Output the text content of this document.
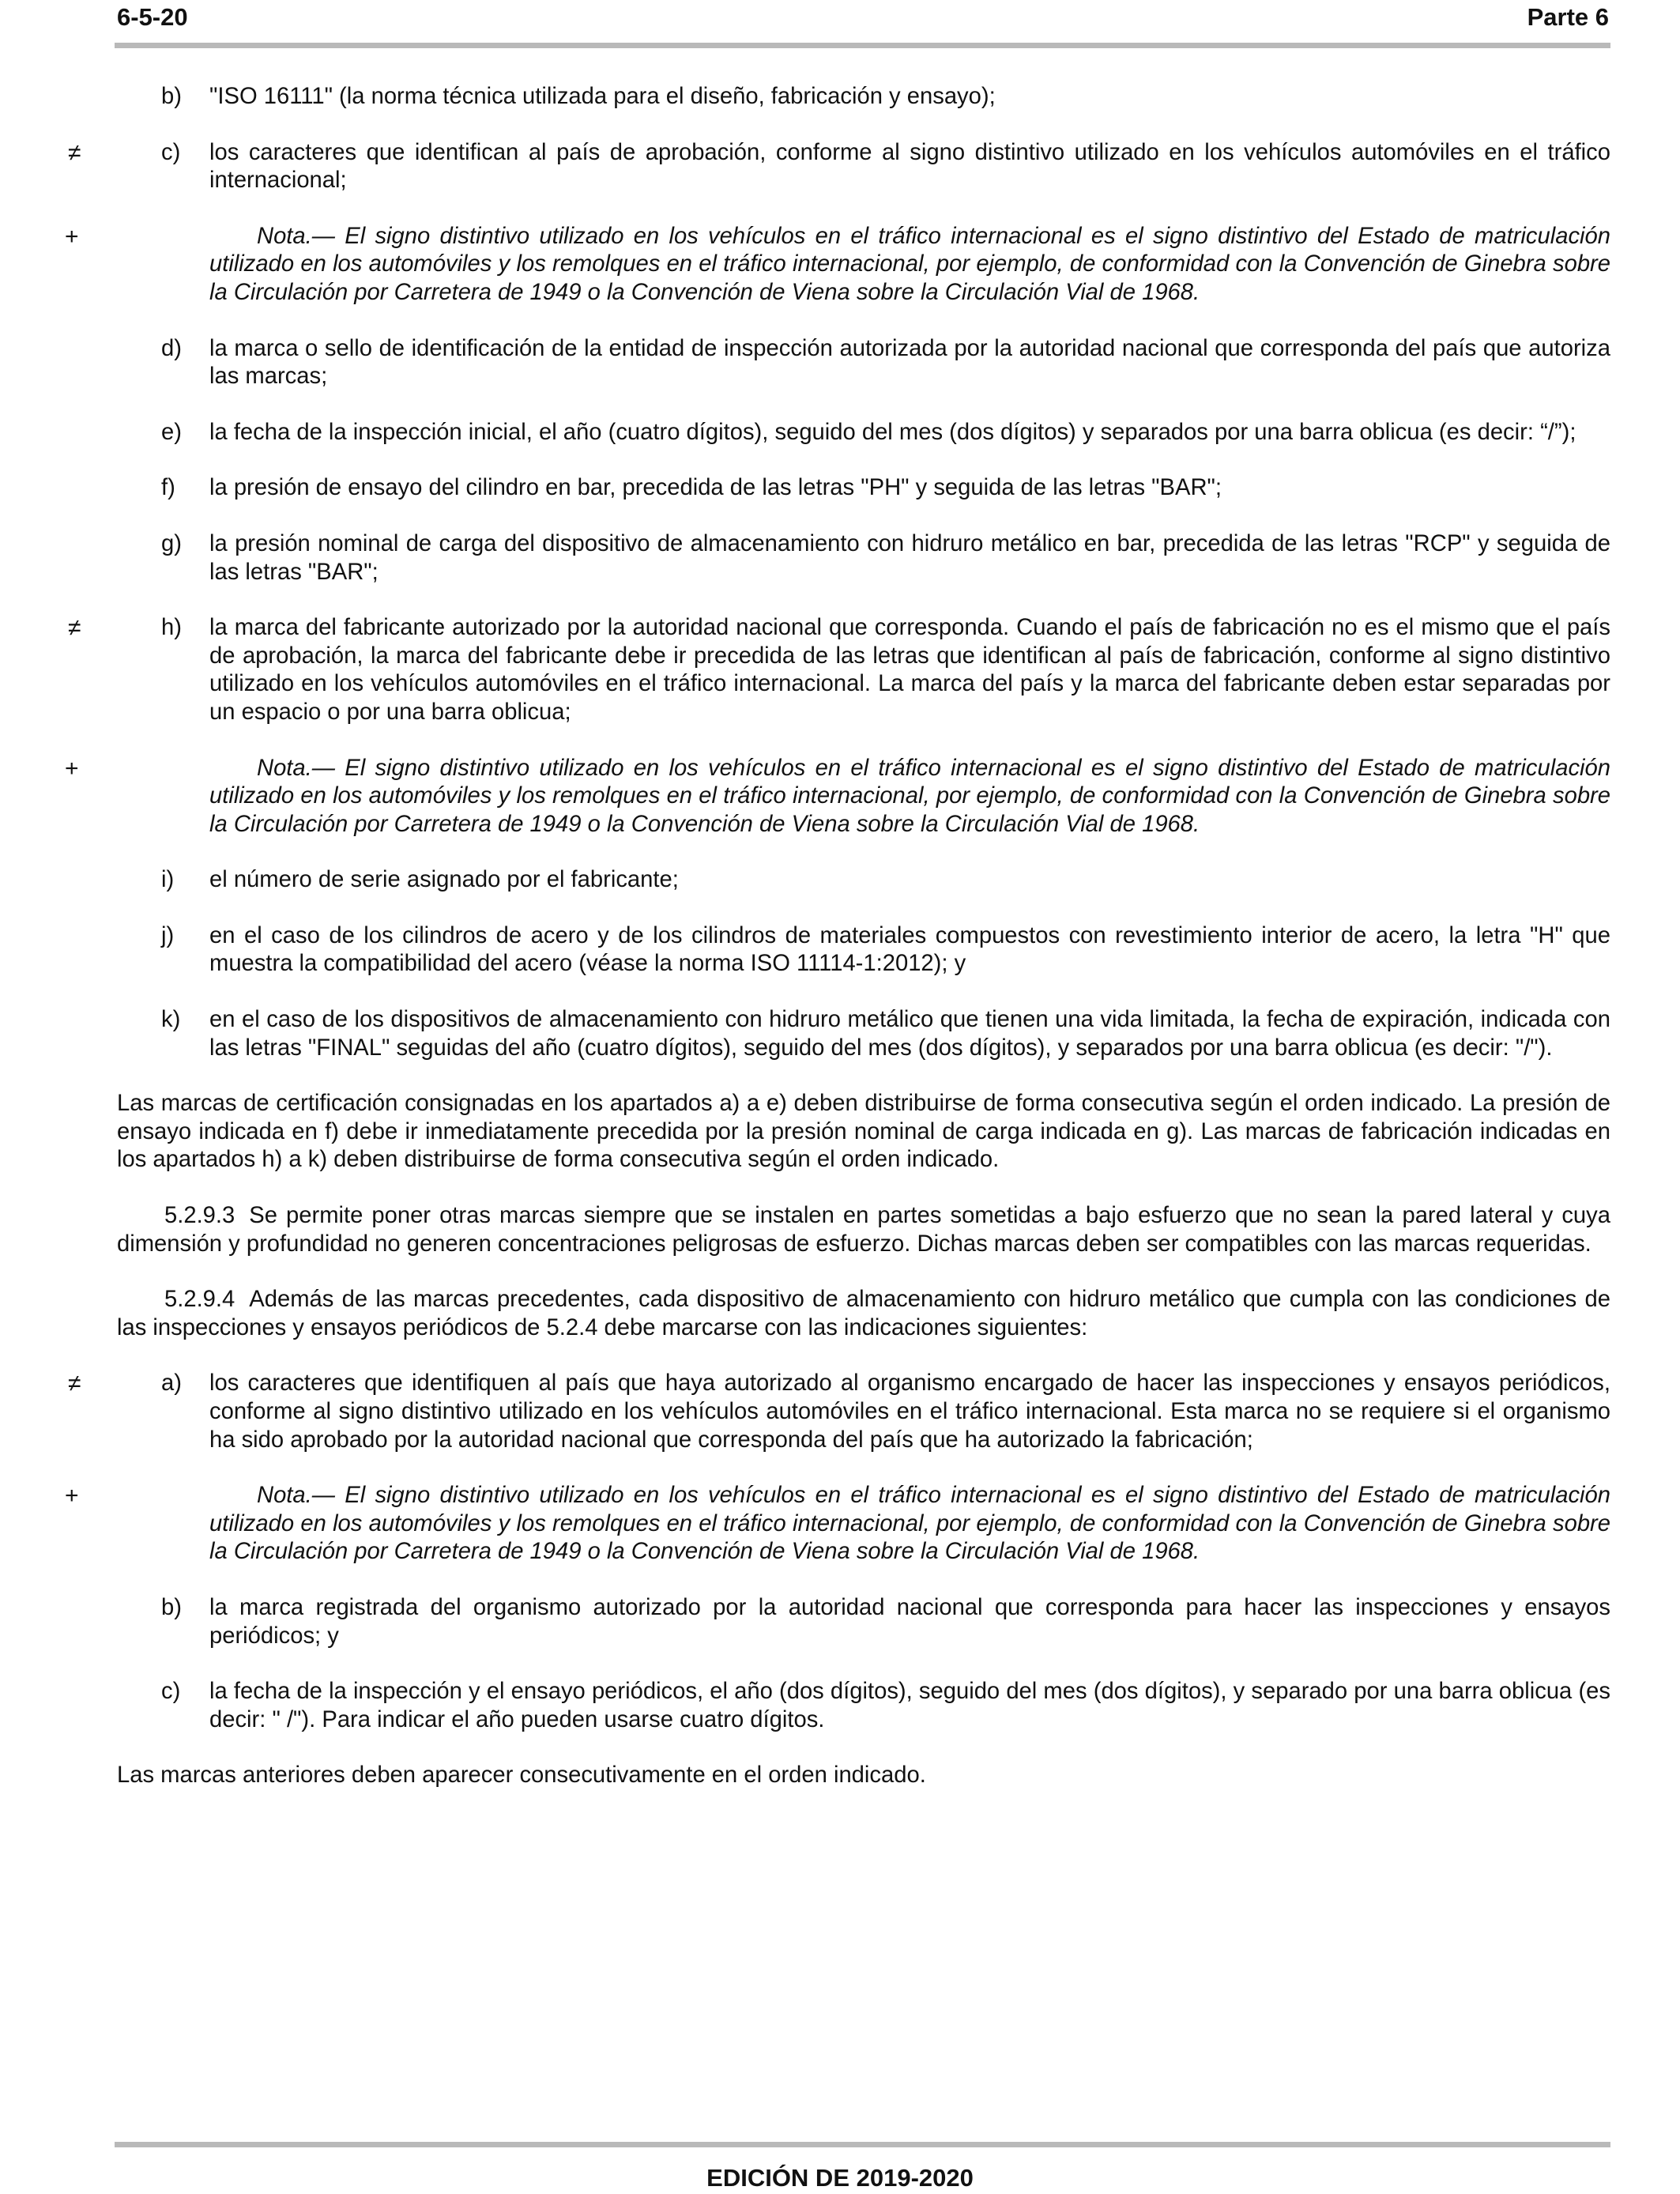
6-5-20	Parte 6
b) "ISO 16111" (la norma técnica utilizada para el diseño, fabricación y ensayo);
≠	c) los caracteres que identifican al país de aprobación, conforme al signo distintivo utilizado en los vehículos automóviles en el tráfico internacional;
+	Nota.— El signo distintivo utilizado en los vehículos en el tráfico internacional es el signo distintivo del Estado de matriculación utilizado en los automóviles y los remolques en el tráfico internacional, por ejemplo, de conformidad con la Convención de Ginebra sobre la Circulación por Carretera de 1949 o la Convención de Viena sobre la Circulación Vial de 1968.
d) la marca o sello de identificación de la entidad de inspección autorizada por la autoridad nacional que corresponda del país que autoriza las marcas;
e) la fecha de la inspección inicial, el año (cuatro dígitos), seguido del mes (dos dígitos) y separados por una barra oblicua (es decir: “/”);
f) la presión de ensayo del cilindro en bar, precedida de las letras "PH" y seguida de las letras "BAR";
g) la presión nominal de carga del dispositivo de almacenamiento con hidruro metálico en bar, precedida de las letras "RCP" y seguida de las letras "BAR";
≠	h) la marca del fabricante autorizado por la autoridad nacional que corresponda. Cuando el país de fabricación no es el mismo que el país de aprobación, la marca del fabricante debe ir precedida de las letras que identifican al país de fabricación, conforme al signo distintivo utilizado en los vehículos automóviles en el tráfico internacional. La marca del país y la marca del fabricante deben estar separadas por un espacio o por una barra oblicua;
+	Nota.— El signo distintivo utilizado en los vehículos en el tráfico internacional es el signo distintivo del Estado de matriculación utilizado en los automóviles y los remolques en el tráfico internacional, por ejemplo, de conformidad con la Convención de Ginebra sobre la Circulación por Carretera de 1949 o la Convención de Viena sobre la Circulación Vial de 1968.
i) el número de serie asignado por el fabricante;
j) en el caso de los cilindros de acero y de los cilindros de materiales compuestos con revestimiento interior de acero, la letra "H" que muestra la compatibilidad del acero (véase la norma ISO 11114-1:2012); y
k) en el caso de los dispositivos de almacenamiento con hidruro metálico que tienen una vida limitada, la fecha de expiración, indicada con las letras "FINAL" seguidas del año (cuatro dígitos), seguido del mes (dos dígitos), y separados por una barra oblicua (es decir: "/").
Las marcas de certificación consignadas en los apartados a) a e) deben distribuirse de forma consecutiva según el orden indicado. La presión de ensayo indicada en f) debe ir inmediatamente precedida por la presión nominal de carga indicada en g). Las marcas de fabricación indicadas en los apartados h) a k) deben distribuirse de forma consecutiva según el orden indicado.
5.2.9.3 Se permite poner otras marcas siempre que se instalen en partes sometidas a bajo esfuerzo que no sean la pared lateral y cuya dimensión y profundidad no generen concentraciones peligrosas de esfuerzo. Dichas marcas deben ser compatibles con las marcas requeridas.
5.2.9.4 Además de las marcas precedentes, cada dispositivo de almacenamiento con hidruro metálico que cumpla con las condiciones de las inspecciones y ensayos periódicos de 5.2.4 debe marcarse con las indicaciones siguientes:
≠	a) los caracteres que identifiquen al país que haya autorizado al organismo encargado de hacer las inspecciones y ensayos periódicos, conforme al signo distintivo utilizado en los vehículos automóviles en el tráfico internacional. Esta marca no se requiere si el organismo ha sido aprobado por la autoridad nacional que corresponda del país que ha autorizado la fabricación;
+	Nota.— El signo distintivo utilizado en los vehículos en el tráfico internacional es el signo distintivo del Estado de matriculación utilizado en los automóviles y los remolques en el tráfico internacional, por ejemplo, de conformidad con la Convención de Ginebra sobre la Circulación por Carretera de 1949 o la Convención de Viena sobre la Circulación Vial de 1968.
b) la marca registrada del organismo autorizado por la autoridad nacional que corresponda para hacer las inspecciones y ensayos periódicos; y
c) la fecha de la inspección y el ensayo periódicos, el año (dos dígitos), seguido del mes (dos dígitos), y separado por una barra oblicua (es decir: " /"). Para indicar el año pueden usarse cuatro dígitos.
Las marcas anteriores deben aparecer consecutivamente en el orden indicado.
EDICIÓN DE 2019-2020
